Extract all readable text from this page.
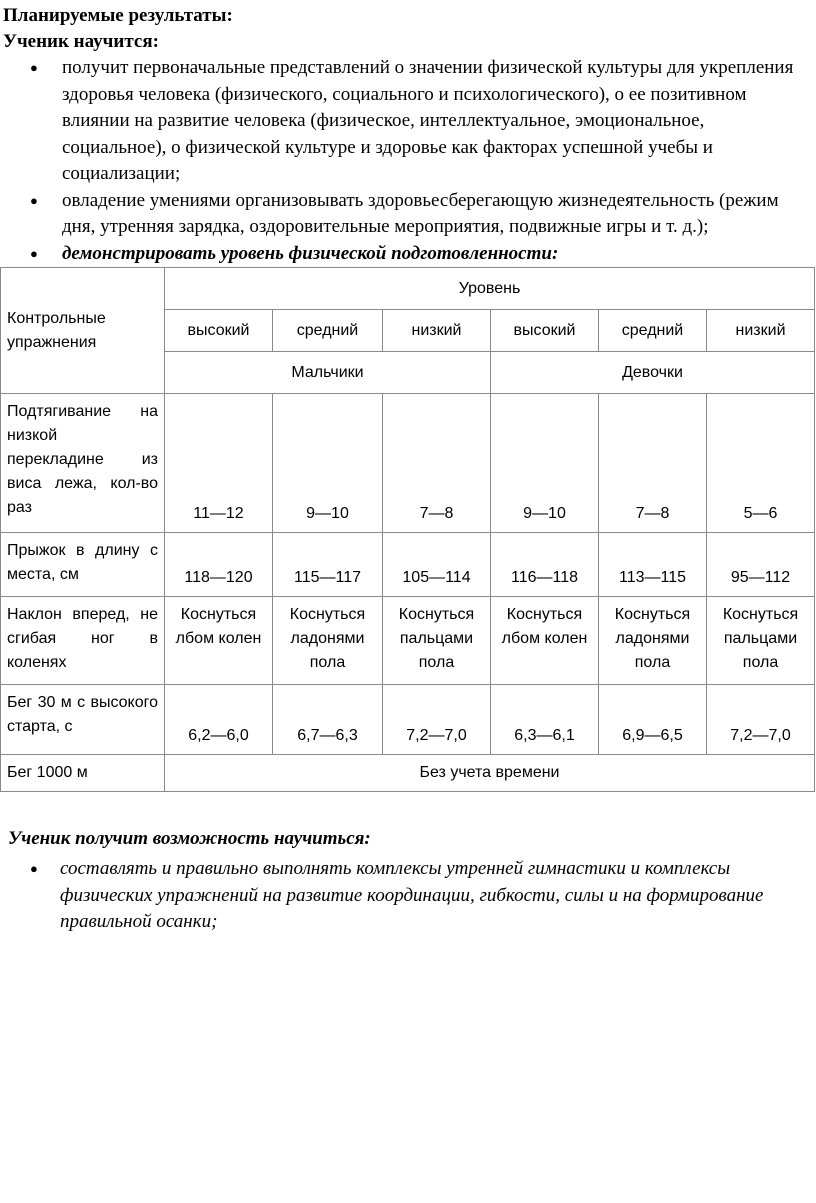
Планируемые результаты:
Ученик научится:
● получит первоначальные представлений о значении физической культуры для укрепления здоровья человека (физического, социального и психологического), о ее позитивном влиянии на развитие человека (физическое, интеллектуальное, эмоциональное, социальное), о физической культуре и здоровье как факторах успешной учебы и социализации;
● овладение умениями организовывать здоровьесберегающую жизнедеятельность (режим дня, утренняя зарядка, оздоровительные мероприятия, подвижные игры и т. д.);
● демонстрировать уровень физической подготовленности:
Контрольные упражнения	Уровень					
	высокий	средний	низкий	высокий	средний	низкий
	Мальчики			Девочки		
Подтягивание на низкой перекладине из виса лежа, кол-во раз	11—12	9—10	7—8	9—10	7—8	5—6
Прыжок в длину с места, см	118—120	115—117	105—114	116—118	113—115	95—112
Наклон вперед, не сгибая ног в коленях	Коснуться лбом колен	Коснуться ладонями пола	Коснуться пальцами пола	Коснуться лбом колен	Коснуться ладонями пола	Коснуться пальцами пола
Бег 30 м с высокого старта, с	6,2—6,0	6,7—6,3	7,2—7,0	6,3—6,1	6,9—6,5	7,2—7,0
Бег 1000 м	Без учета времени					
Ученик получит возможность научиться:
● составлять и правильно выполнять комплексы утренней гимнастики и комплексы физических упражнений на развитие координации, гибкости, силы и на формирование правильной осанки;
